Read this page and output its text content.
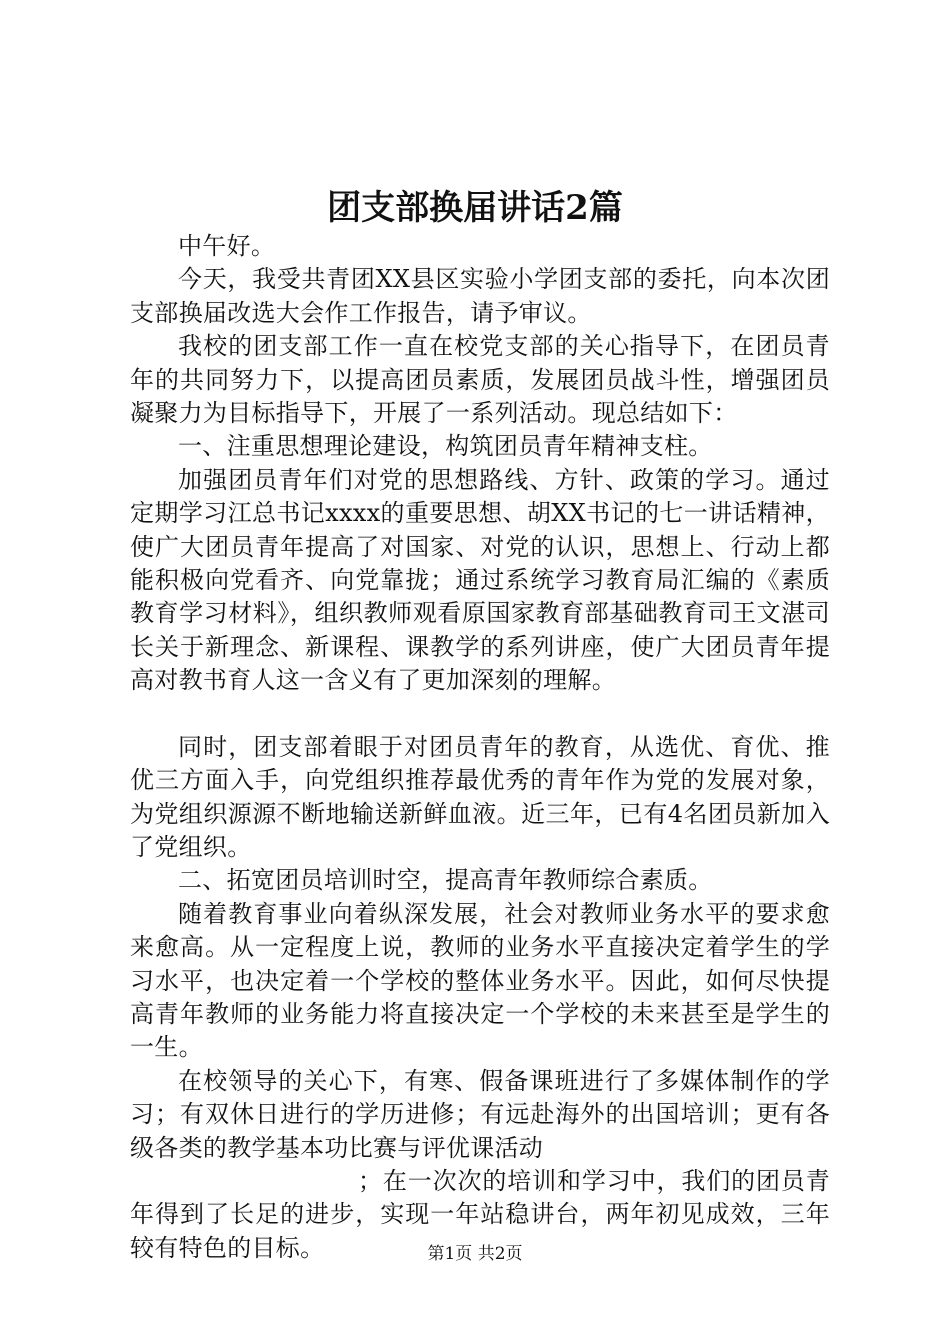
团支部换届讲话2篇

中午好。

今天，我受共青团XX县区实验小学团支部的委托，向本次团支部换届改选大会作工作报告，请予审议。

我校的团支部工作一直在校党支部的关心指导下，在团员青年的共同努力下，以提高团员素质，发展团员战斗性，增强团员凝聚力为目标指导下，开展了一系列活动。现总结如下：

一、注重思想理论建设，构筑团员青年精神支柱。

加强团员青年们对党的思想路线、方针、政策的学习。通过定期学习江总书记xxxx的重要思想、胡XX书记的七一讲话精神，使广大团员青年提高了对国家、对党的认识，思想上、行动上都能积极向党看齐、向党靠拢；通过系统学习教育局汇编的《素质教育学习材料》，组织教师观看原国家教育部基础教育司王文湛司长关于新理念、新课程、课教学的系列讲座，使广大团员青年提高对教书育人这一含义有了更加深刻的理解。

同时，团支部着眼于对团员青年的教育，从选优、育优、推优三方面入手，向党组织推荐最优秀的青年作为党的发展对象，为党组织源源不断地输送新鲜血液。近三年，已有4名团员新加入了党组织。

二、拓宽团员培训时空，提高青年教师综合素质。

随着教育事业向着纵深发展，社会对教师业务水平的要求愈来愈高。从一定程度上说，教师的业务水平直接决定着学生的学习水平，也决定着一个学校的整体业务水平。因此，如何尽快提高青年教师的业务能力将直接决定一个学校的未来甚至是学生的一生。

在校领导的关心下，有寒、假备课班进行了多媒体制作的学习；有双休日进行的学历进修；有远赴海外的出国培训；更有各级各类的教学基本功比赛与评优课活动

；在一次次的培训和学习中，我们的团员青年得到了长足的进步，实现一年站稳讲台，两年初见成效，三年较有特色的目标。	第1页 共2页
